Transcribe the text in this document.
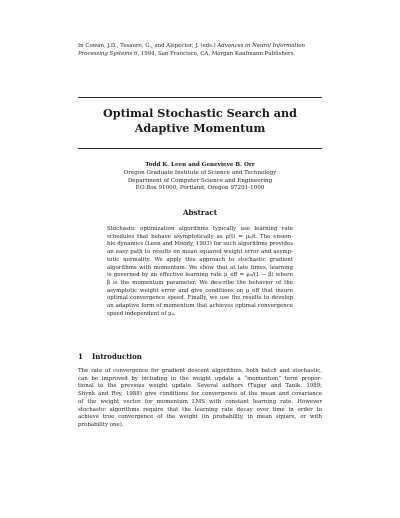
In Cowan, J.D., Tesauro, G., and Alspector, J. (eds.) Advances in Neural Information
Processing Systems 6, 1994, San Francisco, CA, Morgan Kaufmann Publishers.
Optimal Stochastic Search and
Adaptive Momentum
Todd K. Leen and Genevieve B. Orr
Oregon Graduate Institute of Science and Technology
Department of Computer Science and Engineering
P.O.Box 91000, Portland, Oregon 97291-1000
Abstract
Stochastic optimization algorithms typically use learning rate
schedules that behave asymptotically as μ(t) = μ₀/t. The ensem-
ble dynamics (Leen and Moody, 1993) for such algorithms provides
an easy path to results on mean squared weight error and asymp-
totic normality. We apply this approach to stochastic gradient
algorithms with momentum. We show that at late times, learning
is governed by an effective learning rate μ_eff = μ₀/(1 − β) where
β is the momentum parameter. We describe the behavior of the
asymptotic weight error and give conditions on μ_eff that insure
optimal convergence speed. Finally, we use the results to develop
an adaptive form of momentum that achieves optimal convergence
speed independent of μ₀.
1 Introduction
The rate of convergence for gradient descent algorithms, both batch and stochastic,
can be improved by including in the weight update a “momentum” term propor-
tional to the previous weight update. Several authors (Tugay and Tanik, 1989;
Shynk and Roy, 1988) give conditions for convergence of the mean and covariance
of the weight vector for momentum LMS with constant learning rate. However
stochastic algorithms require that the learning rate decay over time in order to
achieve true convergence of the weight (in probability, in mean square, or with
probability one).
